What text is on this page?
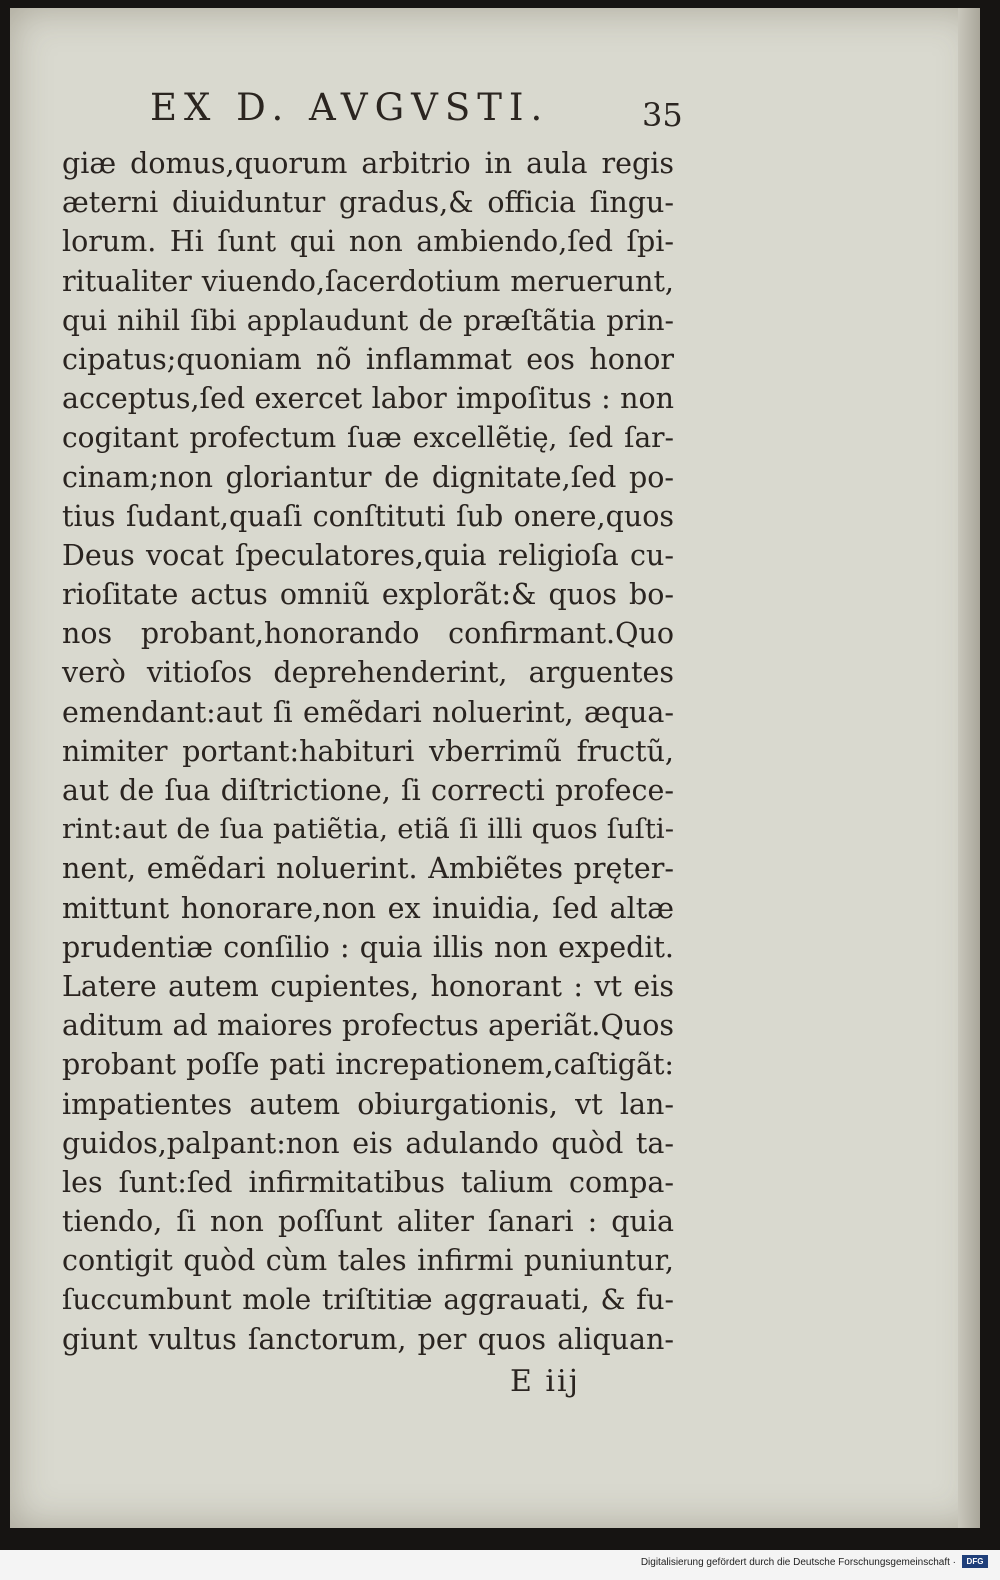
EX D. AVGVSTI.	35
giæ domus,quorum arbitrio in aula regis
æterni diuiduntur gradus,& officia ſingu-
lorum. Hi ſunt qui non ambiendo,ſed ſpi-
ritualiter viuendo,ſacerdotium meruerunt,
qui nihil ſibi applaudunt de præſtãtia prin-
cipatus;quoniam nõ inflammat eos honor
acceptus,ſed exercet labor impoſitus : non
cogitant profectum ſuæ excellẽtię, ſed ſar-
cinam;non gloriantur de dignitate,ſed po-
tius ſudant,quaſi conſtituti ſub onere,quos
Deus vocat ſpeculatores,quia religioſa cu-
rioſitate actus omniũ explorãt:& quos bo-
nos probant,honorando confirmant.Quo
verò vitioſos deprehenderint, arguentes
emendant:aut ſi emẽdari noluerint, æqua-
nimiter portant:habituri vberrimũ fructũ,
aut de ſua diſtrictione, ſi correcti profece-
rint:aut de ſua patiẽtia, etiã ſi illi quos ſuſti-
nent, emẽdari noluerint. Ambiẽtes pręter-
mittunt honorare,non ex inuidia, ſed altæ
prudentiæ conſilio : quia illis non expedit.
Latere autem cupientes, honorant : vt eis
aditum ad maiores profectus aperiãt.Quos
probant poſſe pati increpationem,caſtigãt:
impatientes autem obiurgationis, vt lan-
guidos,palpant:non eis adulando quòd ta-
les ſunt:ſed infirmitatibus talium compa-
tiendo, ſi non poſſunt aliter ſanari : quia
contigit quòd cùm tales infirmi puniuntur,
ſuccumbunt mole triſtitiæ aggrauati, & fu-
giunt vultus ſanctorum, per quos aliquan-
E iij
Digitalisierung gefördert durch die Deutsche Forschungsgemeinschaft ·	DFG
